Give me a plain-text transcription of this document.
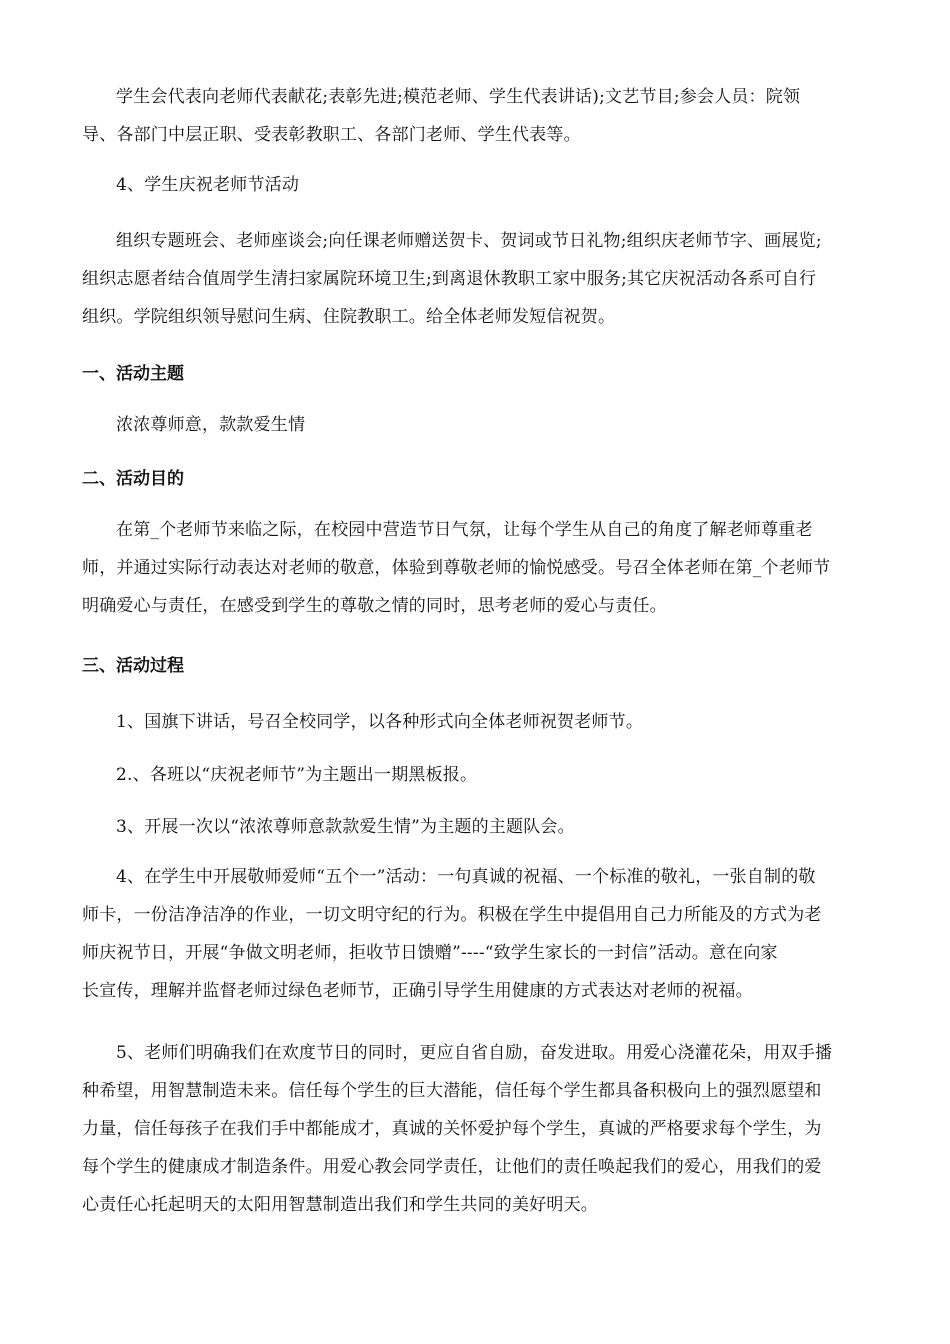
学生会代表向老师代表献花;表彰先进;模范老师、学生代表讲话);文艺节目;参会人员：院领
导、各部门中层正职、受表彰教职工、各部门老师、学生代表等。
4、学生庆祝老师节活动
组织专题班会、老师座谈会;向任课老师赠送贺卡、贺词或节日礼物;组织庆老师节字、画展览;
组织志愿者结合值周学生清扫家属院环境卫生;到离退休教职工家中服务;其它庆祝活动各系可自行
组织。学院组织领导慰问生病、住院教职工。给全体老师发短信祝贺。
一、活动主题
浓浓尊师意，款款爱生情
二、活动目的
在第_个老师节来临之际，在校园中营造节日气氛，让每个学生从自己的角度了解老师尊重老
师，并通过实际行动表达对老师的敬意，体验到尊敬老师的愉悦感受。号召全体老师在第_个老师节
明确爱心与责任，在感受到学生的尊敬之情的同时，思考老师的爱心与责任。
三、活动过程
1、国旗下讲话，号召全校同学，以各种形式向全体老师祝贺老师节。
2.、各班以“庆祝老师节”为主题出一期黑板报。
3、开展一次以“浓浓尊师意款款爱生情”为主题的主题队会。
4、在学生中开展敬师爱师“五个一”活动：一句真诚的祝福、一个标准的敬礼，一张自制的敬
师卡，一份洁净洁净的作业，一切文明守纪的行为。积极在学生中提倡用自己力所能及的方式为老
师庆祝节日，开展“争做文明老师，拒收节日馈赠”----“致学生家长的一封信”活动。意在向家
长宣传，理解并监督老师过绿色老师节，正确引导学生用健康的方式表达对老师的祝福。
5、老师们明确我们在欢度节日的同时，更应自省自励，奋发进取。用爱心浇灌花朵，用双手播
种希望，用智慧制造未来。信任每个学生的巨大潜能，信任每个学生都具备积极向上的强烈愿望和
力量，信任每孩子在我们手中都能成才，真诚的关怀爱护每个学生，真诚的严格要求每个学生，为
每个学生的健康成才制造条件。用爱心教会同学责任，让他们的责任唤起我们的爱心，用我们的爱
心责任心托起明天的太阳用智慧制造出我们和学生共同的美好明天。
